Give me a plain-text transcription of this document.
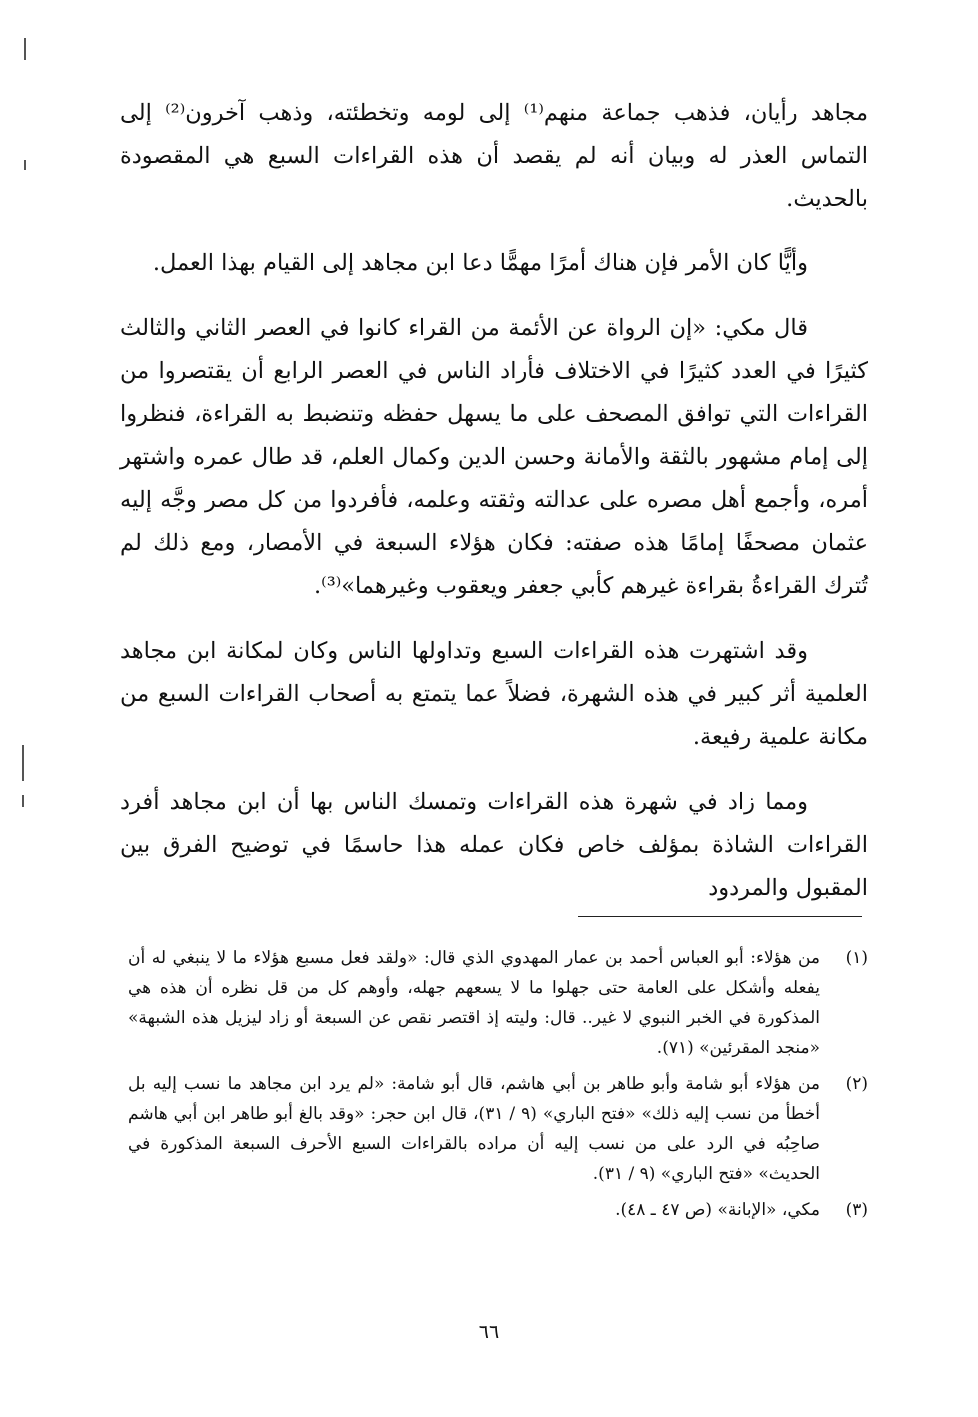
مجاهد رأيان، فذهب جماعة منهم⁽¹⁾ إلى لومه وتخطئته، وذهب آخرون⁽²⁾ إلى التماس العذر له وبيان أنه لم يقصد أن هذه القراءات السبع هي المقصودة بالحديث.

وأيًّا كان الأمر فإن هناك أمرًا مهمًّا دعا ابن مجاهد إلى القيام بهذا العمل.

قال مكي: «إن الرواة عن الأئمة من القراء كانوا في العصر الثاني والثالث كثيرًا في العدد كثيرًا في الاختلاف فأراد الناس في العصر الرابع أن يقتصروا من القراءات التي توافق المصحف على ما يسهل حفظه وتنضبط به القراءة، فنظروا إلى إمام مشهور بالثقة والأمانة وحسن الدين وكمال العلم، قد طال عمره واشتهر أمره، وأجمع أهل مصره على عدالته وثقته وعلمه، فأفردوا من كل مصر وجَّه إليه عثمان مصحفًا إمامًا هذه صفته: فكان هؤلاء السبعة في الأمصار، ومع ذلك لم تُترك القراءةُ بقراءة غيرهم كأبي جعفر ويعقوب وغيرهما»⁽³⁾.

وقد اشتهرت هذه القراءات السبع وتداولها الناس وكان لمكانة ابن مجاهد العلمية أثر كبير في هذه الشهرة، فضلاً عما يتمتع به أصحاب القراءات السبع من مكانة علمية رفيعة.

ومما زاد في شهرة هذه القراءات وتمسك الناس بها أن ابن مجاهد أفرد القراءات الشاذة بمؤلف خاص فكان عمله هذا حاسمًا في توضيح الفرق بين المقبول والمردود

(١)
من هؤلاء: أبو العباس أحمد بن عمار المهدوي الذي قال: «ولقد فعل مسبع هؤلاء ما لا ينبغي له أن يفعله وأشكل على العامة حتى جهلوا ما لا يسعهم جهله، وأوهم كل من قل نظره أن هذه هي المذكورة في الخبر النبوي لا غير.. قال: وليته إذ اقتصر نقص عن السبعة أو زاد ليزيل هذه الشبهة» «منجد المقرئين» (٧١).
(٢)
من هؤلاء أبو شامة وأبو طاهر بن أبي هاشم، قال أبو شامة: «لم يرد ابن مجاهد ما نسب إليه بل أخطأ من نسب إليه ذلك» «فتح الباري» (٩ / ٣١)، قال ابن حجر: «وقد بالغ أبو طاهر ابن أبي هاشم صاحِبُه في الرد على من نسب إليه أن مراده بالقراءات السبع الأحرف السبعة المذكورة في الحديث» «فتح الباري» (٩ / ٣١).
(٣)
مكي، «الإبانة» (ص ٤٧ ـ ٤٨).
٦٦
